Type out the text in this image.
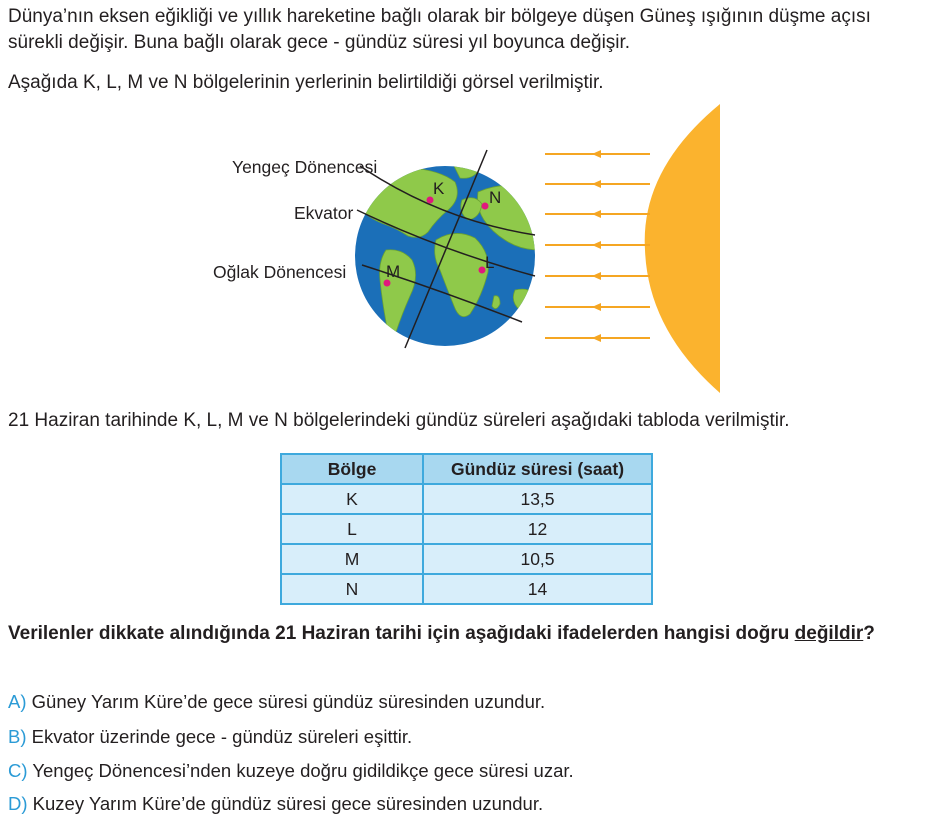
Dünya’nın eksen eğikliği ve yıllık hareketine bağlı olarak bir bölgeye düşen Güneş ışığının düşme açısı sürekli değişir. Buna bağlı olarak gece - gündüz süresi yıl boyunca değişir.

Aşağıda K, L, M ve N bölgelerinin yerlerinin belirtildiği görsel verilmiştir.

K	N
L
M
Yengeç Dönencesi
Ekvator
Oğlak Dönencesi

21 Haziran tarihinde K, L, M ve N bölgelerindeki gündüz süreleri aşağıdaki tabloda verilmiştir.

Bölge	Gündüz süresi (saat)
K	13,5
L	12
M	10,5
N	14

Verilenler dikkate alındığında 21 Haziran tarihi için aşağıdaki ifadelerden hangisi doğru değildir?

A) Güney Yarım Küre’de gece süresi gündüz süresinden uzundur.
B) Ekvator üzerinde gece - gündüz süreleri eşittir.
C) Yengeç Dönencesi’nden kuzeye doğru gidildikçe gece süresi uzar.
D) Kuzey Yarım Küre’de gündüz süresi gece süresinden uzundur.
